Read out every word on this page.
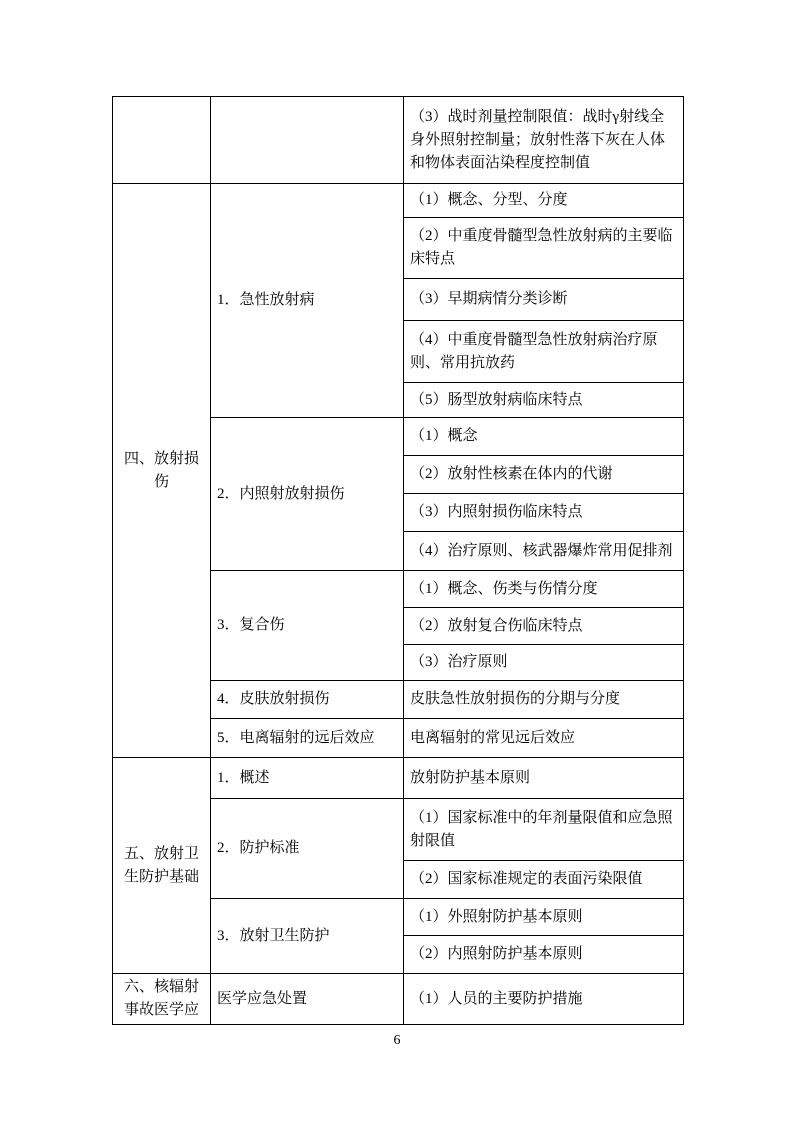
		（3）战时剂量控制限值：战时γ射线全身外照射控制量；放射性落下灰在人体和物体表面沾染程度控制值
四、放射损伤	1．急性放射病	（1）概念、分型、分度
		（2）中重度骨髓型急性放射病的主要临床特点
		（3）早期病情分类诊断
		（4）中重度骨髓型急性放射病治疗原则、常用抗放药
		（5）肠型放射病临床特点
	2．内照射放射损伤	（1）概念
		（2）放射性核素在体内的代谢
		（3）内照射损伤临床特点
		（4）治疗原则、核武器爆炸常用促排剂
	3．复合伤	（1）概念、伤类与伤情分度
		（2）放射复合伤临床特点
		（3）治疗原则
	4．皮肤放射损伤	皮肤急性放射损伤的分期与分度
	5．电离辐射的远后效应	电离辐射的常见远后效应
五、放射卫生防护基础	1．概述	放射防护基本原则
	2．防护标准	（1）国家标准中的年剂量限值和应急照射限值
		（2）国家标准规定的表面污染限值
	3．放射卫生防护	（1）外照射防护基本原则
		（2）内照射防护基本原则
六、核辐射事故医学应	医学应急处置	（1）人员的主要防护措施
6
